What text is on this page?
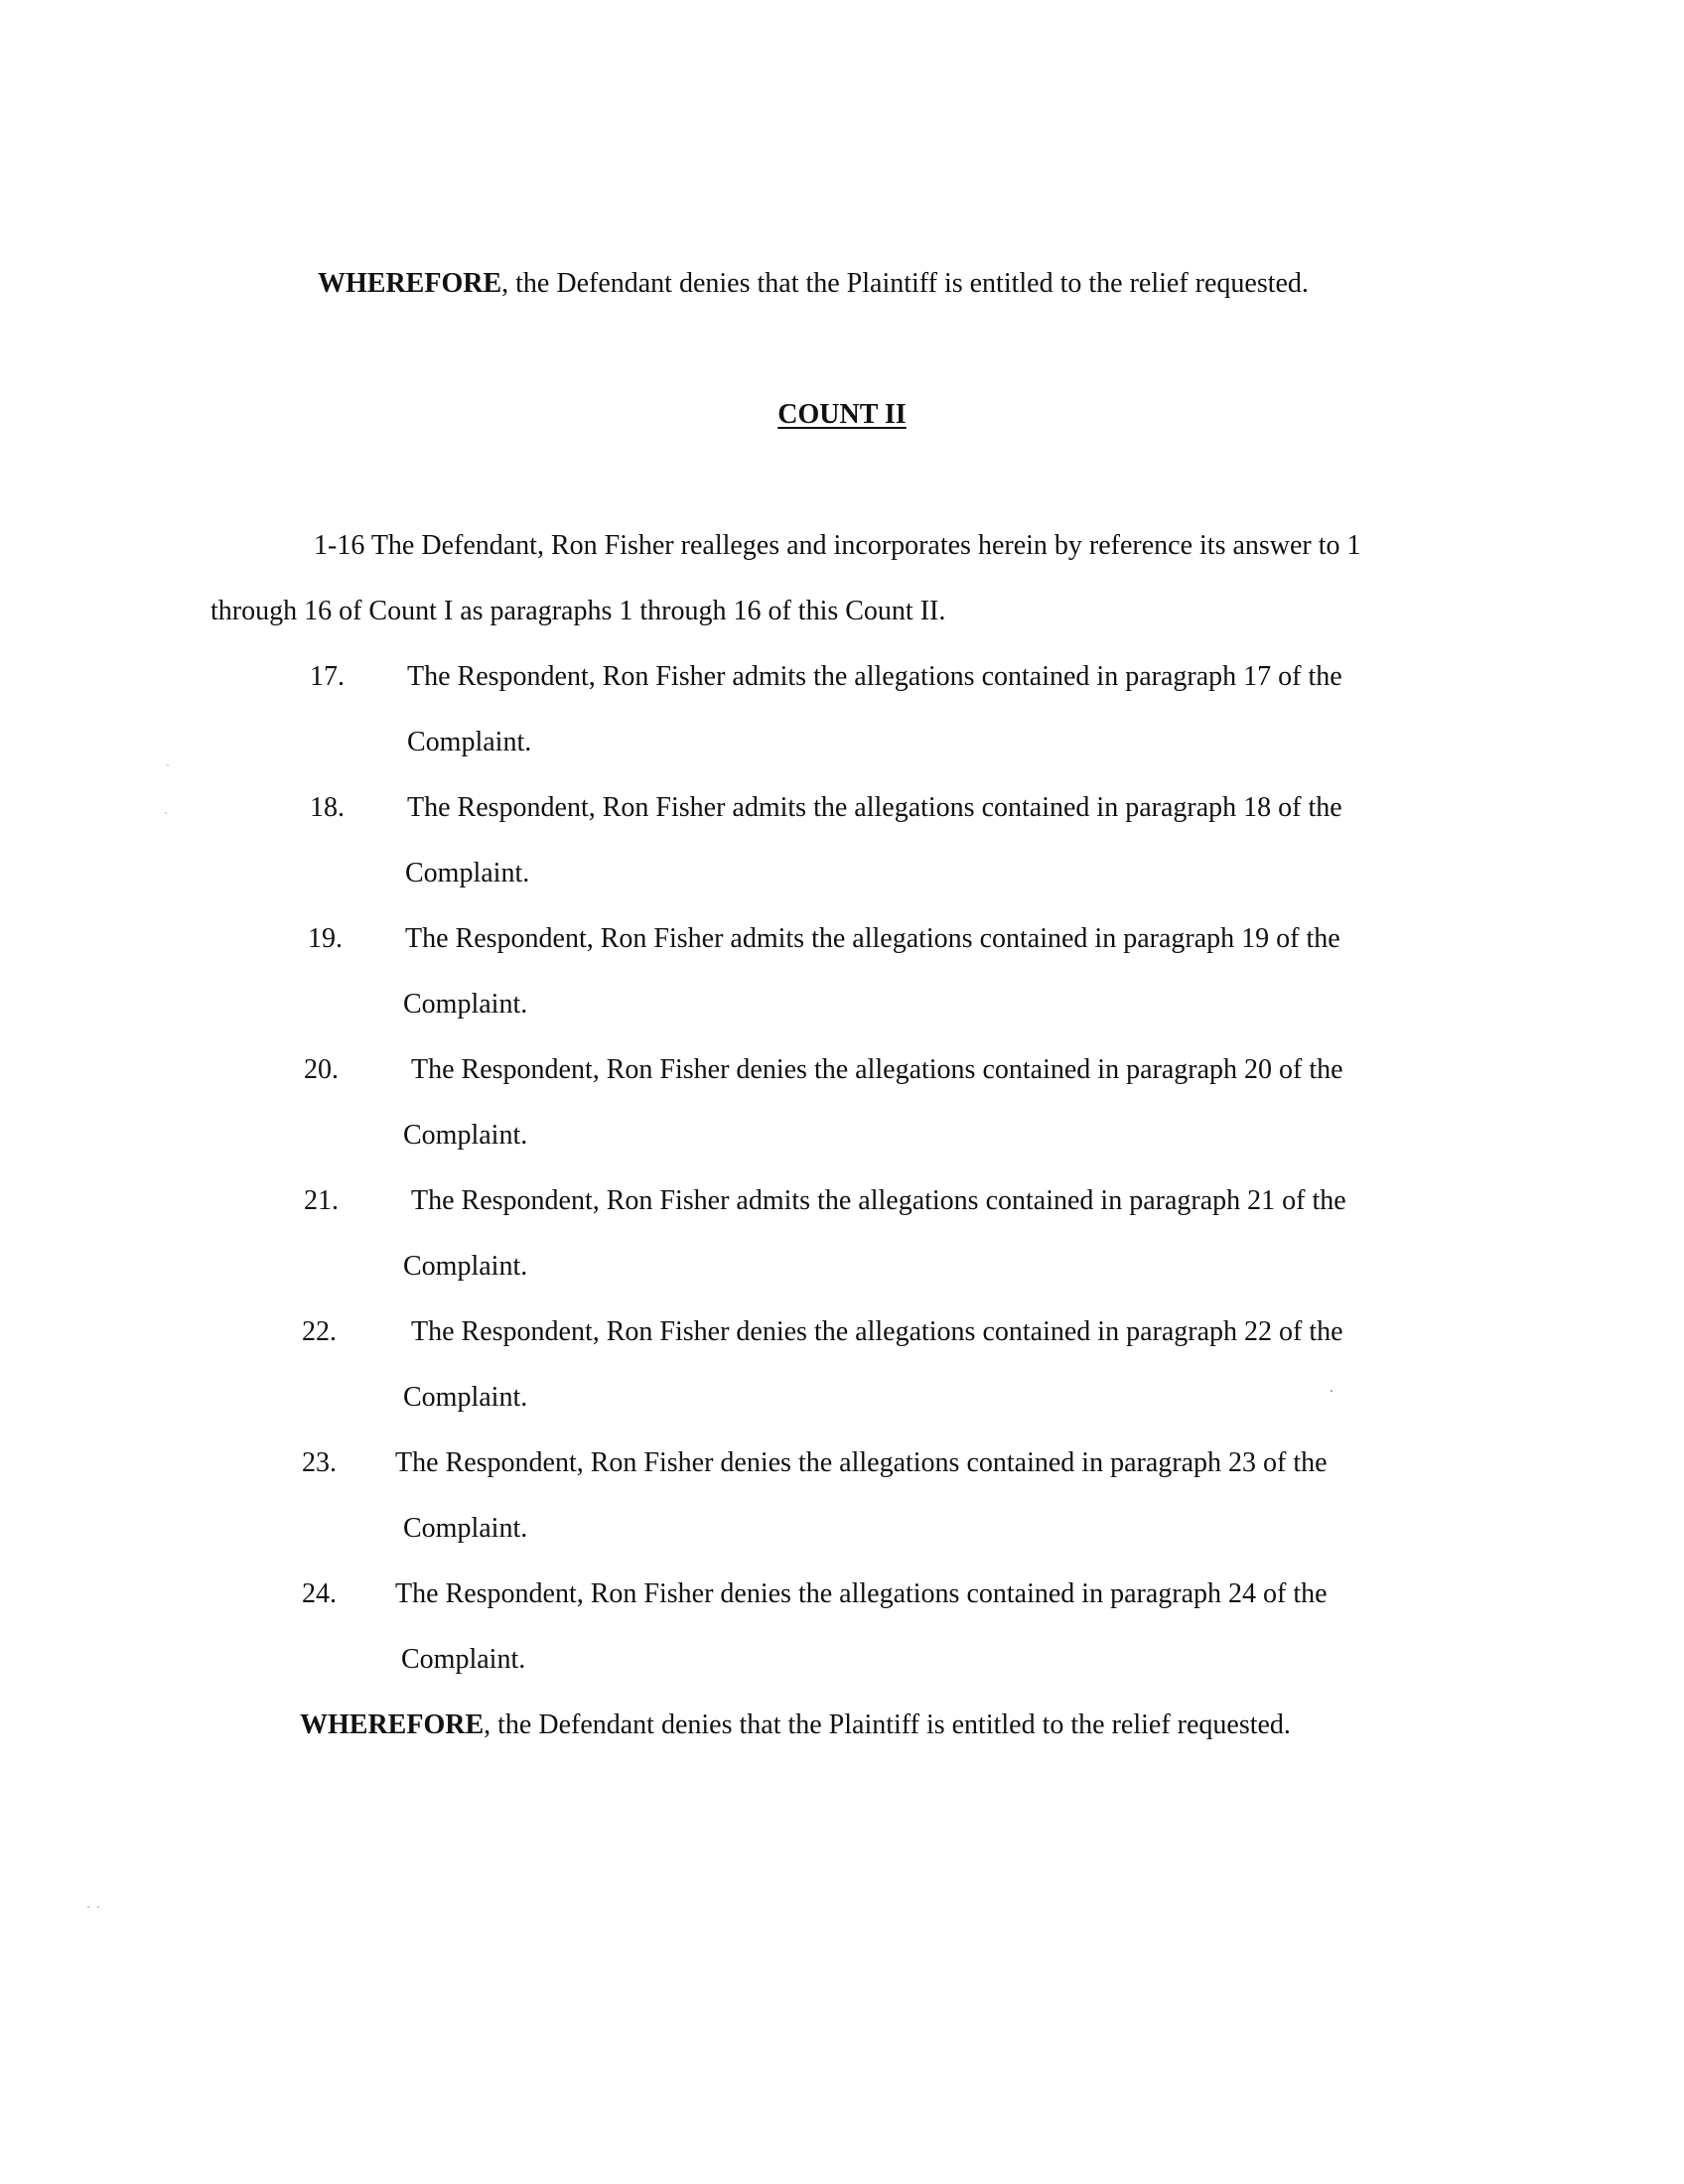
WHEREFORE, the Defendant denies that the Plaintiff is entitled to the relief requested.
COUNT II
1-16 The Defendant, Ron Fisher realleges and incorporates herein by reference its answer to 1
through 16 of Count I as paragraphs 1 through 16 of this Count II.
17. The Respondent, Ron Fisher admits the allegations contained in paragraph 17 of the
Complaint.
18. The Respondent, Ron Fisher admits the allegations contained in paragraph 18 of the
Complaint.
19. The Respondent, Ron Fisher admits the allegations contained in paragraph 19 of the
Complaint.
20.	The Respondent, Ron Fisher denies the allegations contained in paragraph 20 of the
Complaint.
21.	The Respondent, Ron Fisher admits the allegations contained in paragraph 21 of the
Complaint.
22.	The Respondent, Ron Fisher denies the allegations contained in paragraph 22 of the
Complaint.
23. The Respondent, Ron Fisher denies the allegations contained in paragraph 23 of the
Complaint.
24. The Respondent, Ron Fisher denies the allegations contained in paragraph 24 of the
Complaint.
WHEREFORE, the Defendant denies that the Plaintiff is entitled to the relief requested.
